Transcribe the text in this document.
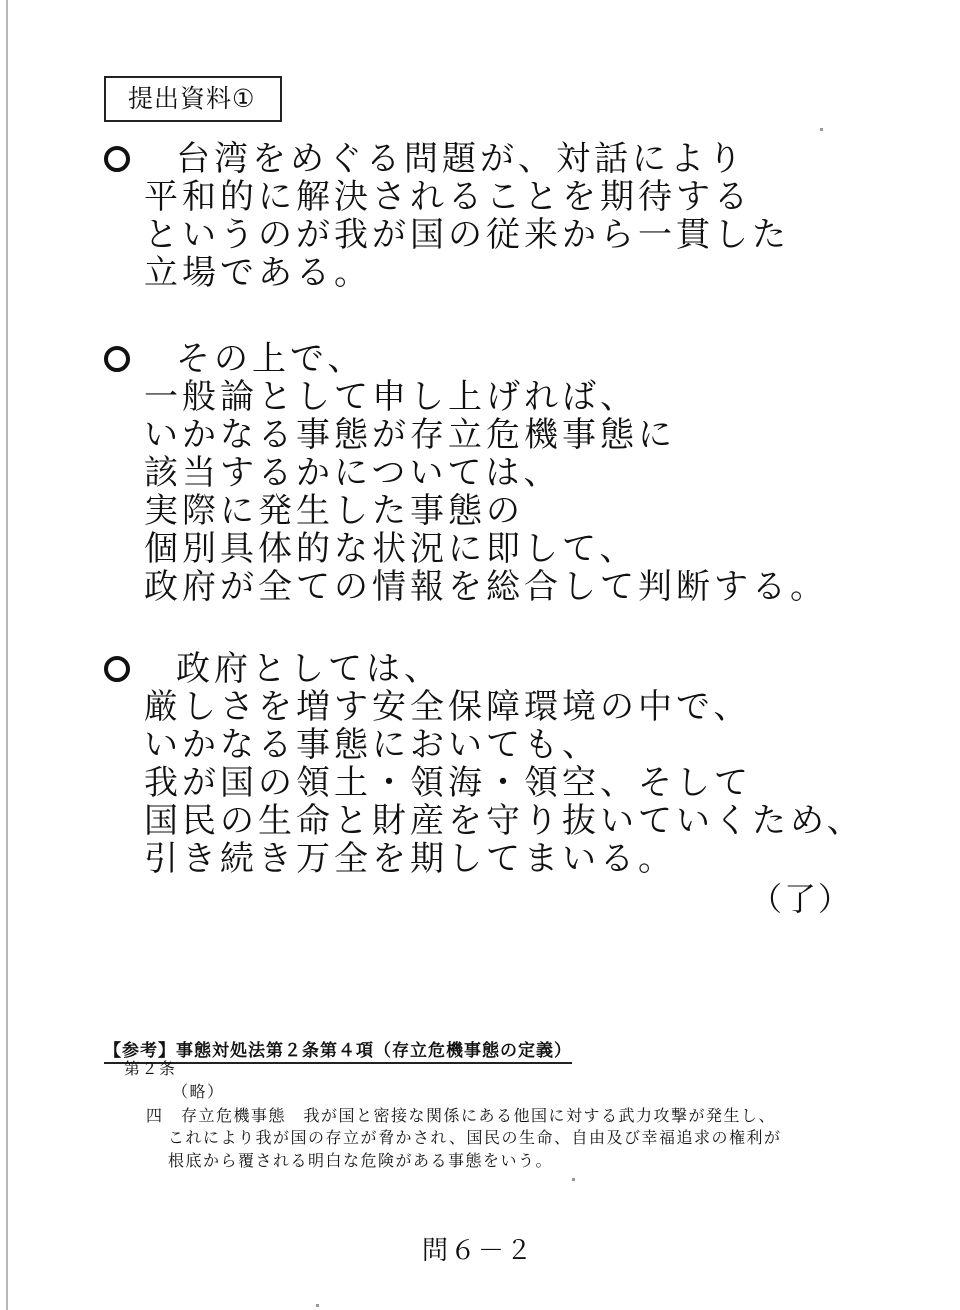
提出資料①
台湾をめぐる問題が、対話により
平和的に解決されることを期待する
というのが我が国の従来から一貫した
立場である。
その上で、
一般論として申し上げれば、
いかなる事態が存立危機事態に
該当するかについては、
実際に発生した事態の
個別具体的な状況に即して、
政府が全ての情報を総合して判断する。
政府としては、
厳しさを増す安全保障環境の中で、
いかなる事態においても、
我が国の領土・領海・領空、そして
国民の生命と財産を守り抜いていくため、
引き続き万全を期してまいる。
（了）
【参考】事態対処法第２条第４項（存立危機事態の定義）
第２条
（略）
四　存立危機事態　我が国と密接な関係にある他国に対する武力攻撃が発生し、
これにより我が国の存立が脅かされ、国民の生命、自由及び幸福追求の権利が
根底から覆される明白な危険がある事態をいう。
問６－２
